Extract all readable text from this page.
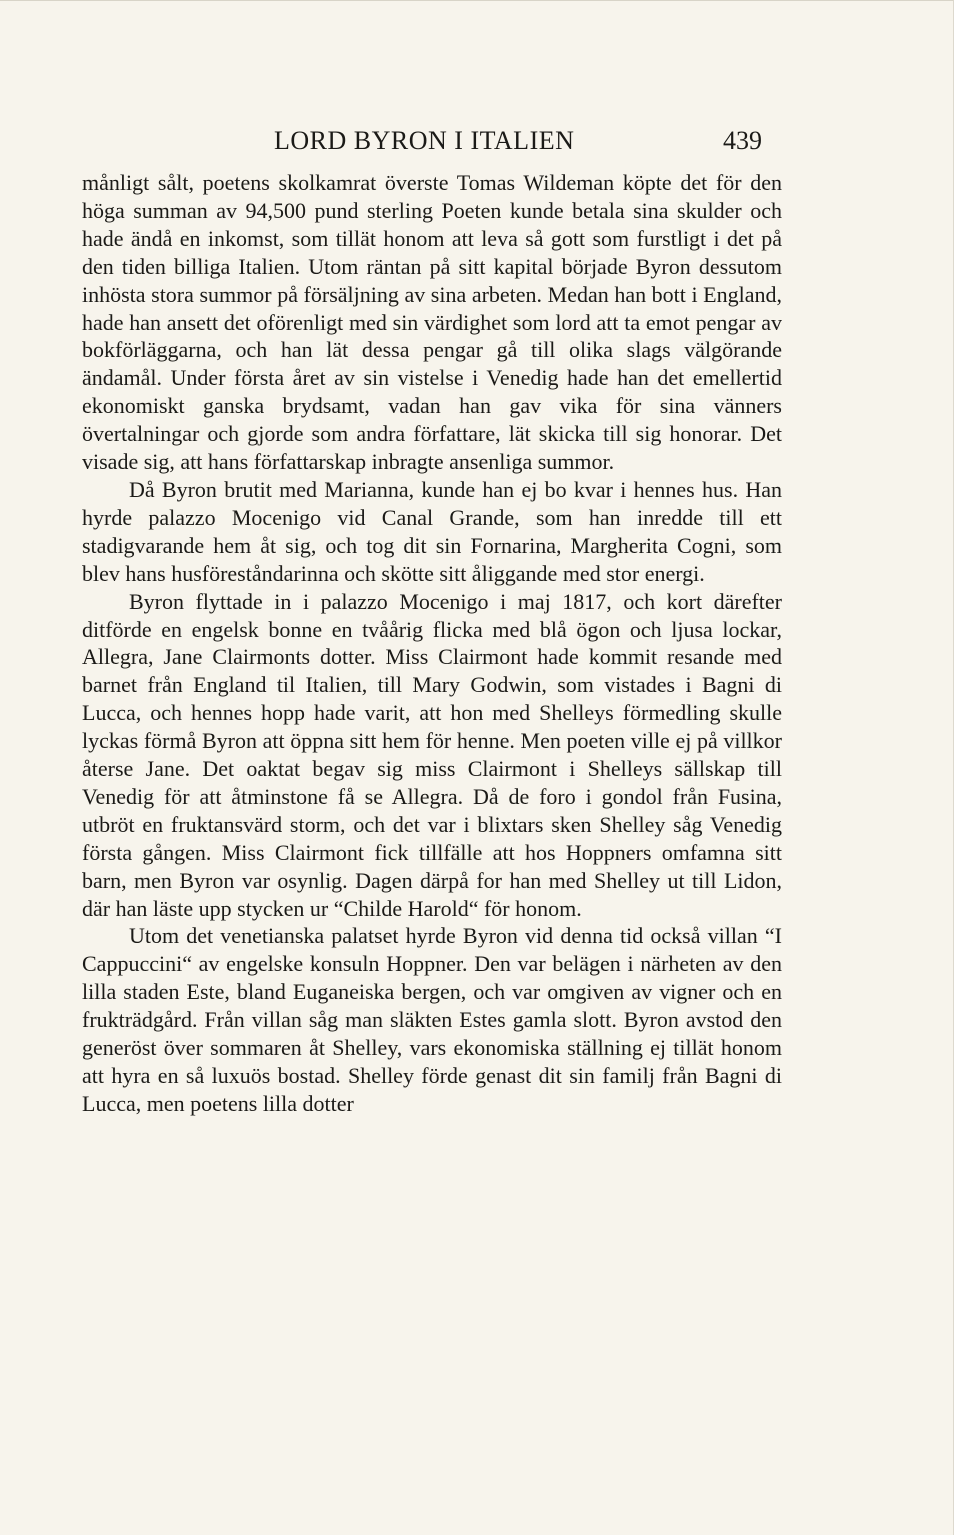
LORD BYRON I ITALIEN	439

månligt sålt, poetens skolkamrat överste Tomas Wildeman köpte det för den höga summan av 94,500 pund sterling Poeten kunde betala sina skulder och hade ändå en inkomst, som tillät honom att leva så gott som furstligt i det på den tiden billiga Italien. Utom räntan på sitt kapital började Byron dessutom inhösta stora summor på försäljning av sina arbeten. Medan han bott i England, hade han ansett det oförenligt med sin värdighet som lord att ta emot pengar av bokförläggarna, och han lät dessa pengar gå till olika slags välgörande ändamål. Under första året av sin vistelse i Venedig hade han det emellertid ekonomiskt ganska brydsamt, vadan han gav vika för sina vänners övertalningar och gjorde som andra författare, lät skicka till sig honorar. Det visade sig, att hans författarskap inbragte ansenliga summor.

Då Byron brutit med Marianna, kunde han ej bo kvar i hennes hus. Han hyrde palazzo Mocenigo vid Canal Grande, som han inredde till ett stadigvarande hem åt sig, och tog dit sin Fornarina, Margherita Cogni, som blev hans husföreståndarinna och skötte sitt åliggande med stor energi.

Byron flyttade in i palazzo Mocenigo i maj 1817, och kort därefter ditförde en engelsk bonne en tvåårig flicka med blå ögon och ljusa lockar, Allegra, Jane Clairmonts dotter. Miss Clairmont hade kommit resande med barnet från England til Italien, till Mary Godwin, som vistades i Bagni di Lucca, och hennes hopp hade varit, att hon med Shelleys förmedling skulle lyckas förmå Byron att öppna sitt hem för henne. Men poeten ville ej på villkor återse Jane. Det oaktat begav sig miss Clairmont i Shelleys sällskap till Venedig för att åtminstone få se Allegra. Då de foro i gondol från Fusina, utbröt en fruktansvärd storm, och det var i blixtars sken Shelley såg Venedig första gången. Miss Clairmont fick tillfälle att hos Hoppners omfamna sitt barn, men Byron var osynlig. Dagen därpå for han med Shelley ut till Lidon, där han läste upp stycken ur “Childe Harold“ för honom.

Utom det venetianska palatset hyrde Byron vid denna tid också villan “I Cappuccini“ av engelske konsuln Hoppner. Den var belägen i närheten av den lilla staden Este, bland Euganeiska bergen, och var omgiven av vigner och en frukträdgård. Från villan såg man släkten Estes gamla slott. Byron avstod den generöst över sommaren åt Shelley, vars ekonomiska ställning ej tillät honom att hyra en så luxuös bostad. Shelley förde genast dit sin familj från Bagni di Lucca, men poetens lilla dotter
